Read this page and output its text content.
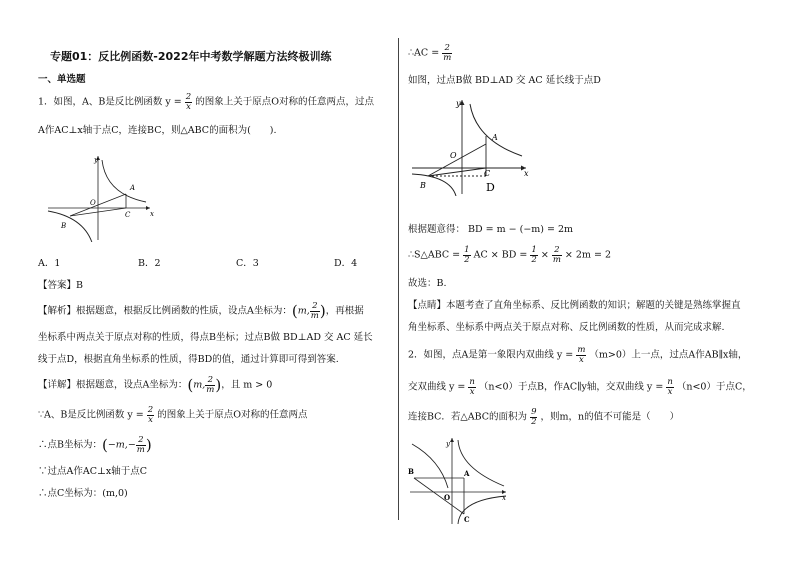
专题01：反比例函数-2022年中考数学解题方法终极训练
一、单选题
1．如图，A、B是反比例函数 $y = \frac{2}{x}$ 的图象上关于原点O对称的任意两点，过点
A作AC⊥x轴于点C，连接BC，则△ABC的面积为(　　).
y
x
A
B
C
O
A．1	B．2	C．3	D．4
【答案】B
【解析】根据题意，根据反比例函数的性质，设点A坐标为：(m, $\frac{2}{m}$ )，再根据
坐标系中两点关于原点对称的性质，得点B坐标；过点B做 BD⊥AD 交 AC 延长
线于点D，根据直角坐标系的性质，得BD的值，通过计算即可得到答案.
【详解】根据题意，设点A坐标为：(m, $\frac{2}{m}$ )，且 m > 0
∵A、B是反比例函数 $y = \frac{2}{x}$ 的图象上关于原点O对称的任意两点
∴点B坐标为：($-m,- \frac{2}{m}$ )
∵过点A作AC⊥x轴于点C
∴点C坐标为：(m,0)
∴AC = $\frac{2}{m}$
如图，过点B做 BD⊥AD 交 AC 延长线于点D
y
x
A
B
C
O
D
根据题意得： BD = m − (−m) = 2m
∴S△ABC = $\frac{1}{2}$ AC × BD = $\frac{1}{2} \times \frac{2}{m} \times 2m = 2$
故选：B.
【点睛】本题考查了直角坐标系、反比例函数的知识；解题的关键是熟练掌握直
角坐标系、坐标系中两点关于原点对称、反比例函数的性质，从而完成求解.
2．如图，点A是第一象限内双曲线 $y = \frac{m}{x} (m>0)$上一点，过点A作AB∥x轴，
交双曲线 $y = \frac{n}{x} (n<0)$于点B，作AC∥y轴，交双曲线 $y = \frac{n}{x} (n<0)$于点C，
连接BC．若△ABC的面积为 $\frac{9}{2}$ ，则m，n的值不可能是（　　）
y
x
A
B
C
O
